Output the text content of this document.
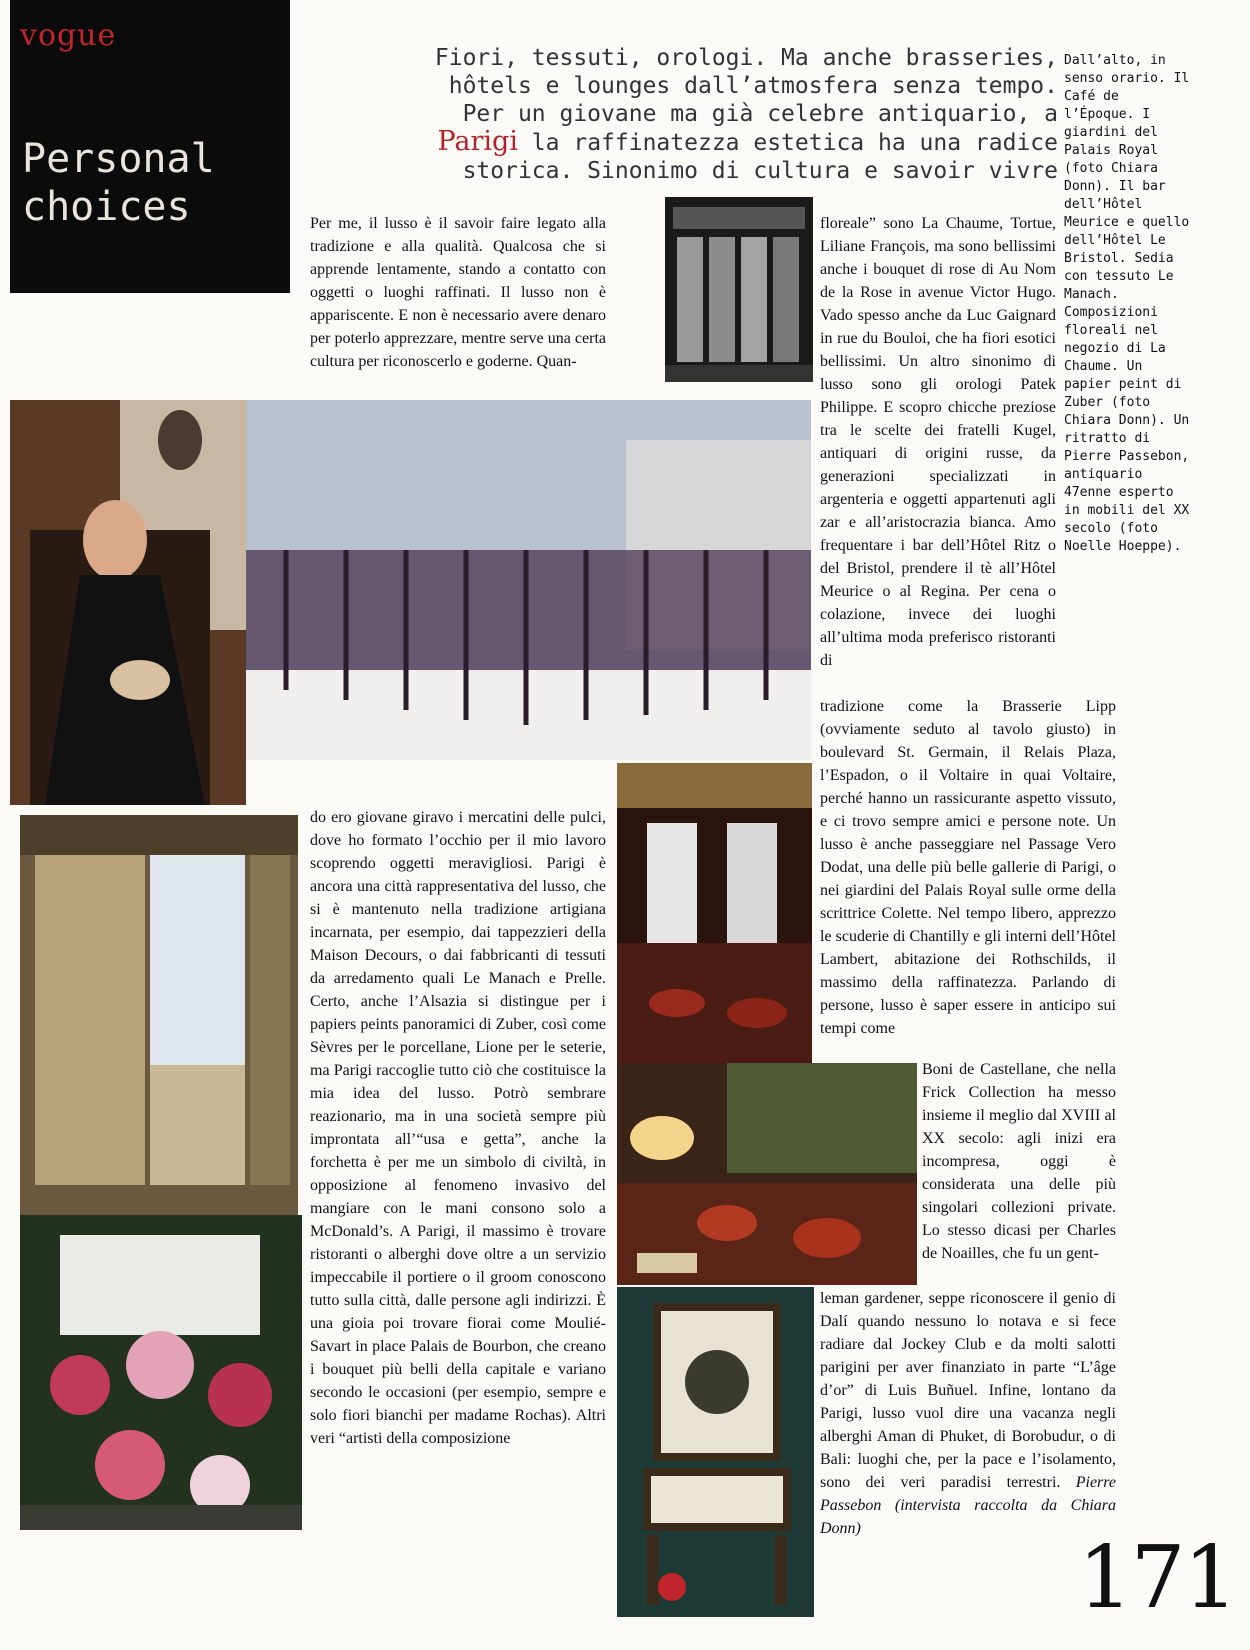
vogue
Personal
choices
Fiori, tessuti, orologi. Ma anche brasseries, hôtels e lounges dall’atmosfera senza tempo. Per un giovane ma già celebre antiquario, a Parigi la raffinatezza estetica ha una radice storica. Sinonimo di cultura e savoir vivre
Dall’alto, in senso orario. Il Café de l’Époque. I giardini del Palais Royal (foto Chiara Donn). Il bar dell’Hôtel Meurice e quello dell’Hôtel Le Bristol. Sedia con tessuto Le Manach. Composizioni floreali nel negozio di La Chaume. Un papier peint di Zuber (foto Chiara Donn). Un ritratto di Pierre Passebon, antiquario 47enne esperto in mobili del XX secolo (foto Noelle Hoeppe).
Per me, il lusso è il savoir faire legato alla tradizione e alla qualità. Qualcosa che si apprende lentamente, stando a contatto con oggetti o luoghi raffinati. Il lusso non è appariscente. E non è necessario avere denaro per poterlo apprezzare, mentre serve una certa cultura per riconoscerlo e goderne. Quan-
do ero giovane giravo i mercatini delle pulci, dove ho formato l’occhio per il mio lavoro scoprendo oggetti meravigliosi. Parigi è ancora una città rappresentativa del lusso, che si è mantenuto nella tradizione artigiana incarnata, per esempio, dai tappezzieri della Maison Decours, o dai fabbricanti di tessuti da arredamento quali Le Manach e Prelle. Certo, anche l’Alsazia si distingue per i papiers peints panoramici di Zuber, così come Sèvres per le porcellane, Lione per le seterie, ma Parigi raccoglie tutto ciò che costituisce la mia idea del lusso. Potrò sembrare reazionario, ma in una società sempre più improntata all’“usa e getta”, anche la forchetta è per me un simbolo di civiltà, in opposizione al fenomeno invasivo del mangiare con le mani consono solo a McDonald’s. A Parigi, il massimo è trovare ristoranti o alberghi dove oltre a un servizio impeccabile il portiere o il groom conoscono tutto sulla città, dalle persone agli indirizzi. È una gioia poi trovare fiorai come Moulié-Savart in place Palais de Bourbon, che creano i bouquet più belli della capitale e variano secondo le occasioni (per esempio, sempre e solo fiori bianchi per madame Rochas). Altri veri “artisti della composizione
floreale” sono La Chaume, Tortue, Liliane François, ma sono bellissimi anche i bouquet di rose di Au Nom de la Rose in avenue Victor Hugo. Vado spesso anche da Luc Gaignard in rue du Bouloi, che ha fiori esotici bellissimi. Un altro sinonimo di lusso sono gli orologi Patek Philippe. E scopro chicche preziose tra le scelte dei fratelli Kugel, antiquari di origini russe, da generazioni specializzati in argenteria e oggetti appartenuti agli zar e all’aristocrazia bianca. Amo frequentare i bar dell’Hôtel Ritz o del Bristol, prendere il tè all’Hôtel Meurice o al Regina. Per cena o colazione, invece dei luoghi all’ultima moda preferisco ristoranti di
tradizione come la Brasserie Lipp (ovviamente seduto al tavolo giusto) in boulevard St. Germain, il Relais Plaza, l’Espadon, o il Voltaire in quai Voltaire, perché hanno un rassicurante aspetto vissuto, e ci trovo sempre amici e persone note. Un lusso è anche passeggiare nel Passage Vero Dodat, una delle più belle gallerie di Parigi, o nei giardini del Palais Royal sulle orme della scrittrice Colette. Nel tempo libero, apprezzo le scuderie di Chantilly e gli interni dell’Hôtel Lambert, abitazione dei Rothschilds, il massimo della raffinatezza. Parlando di persone, lusso è saper essere in anticipo sui tempi come
Boni de Castellane, che nella Frick Collection ha messo insieme il meglio dal XVIII al XX secolo: agli inizi era incompresa, oggi è considerata una delle più singolari collezioni private. Lo stesso dicasi per Charles de Noailles, che fu un gent-
leman gardener, seppe riconoscere il genio di Dalí quando nessuno lo notava e si fece radiare dal Jockey Club e da molti salotti parigini per aver finanziato in parte “L’âge d’or” di Luis Buñuel. Infine, lontano da Parigi, lusso vuol dire una vacanza negli alberghi Aman di Phuket, di Borobudur, o di Bali: luoghi che, per la pace e l’isolamento, sono dei veri paradisi terrestri. Pierre Passebon (intervista raccolta da Chiara Donn)	171
